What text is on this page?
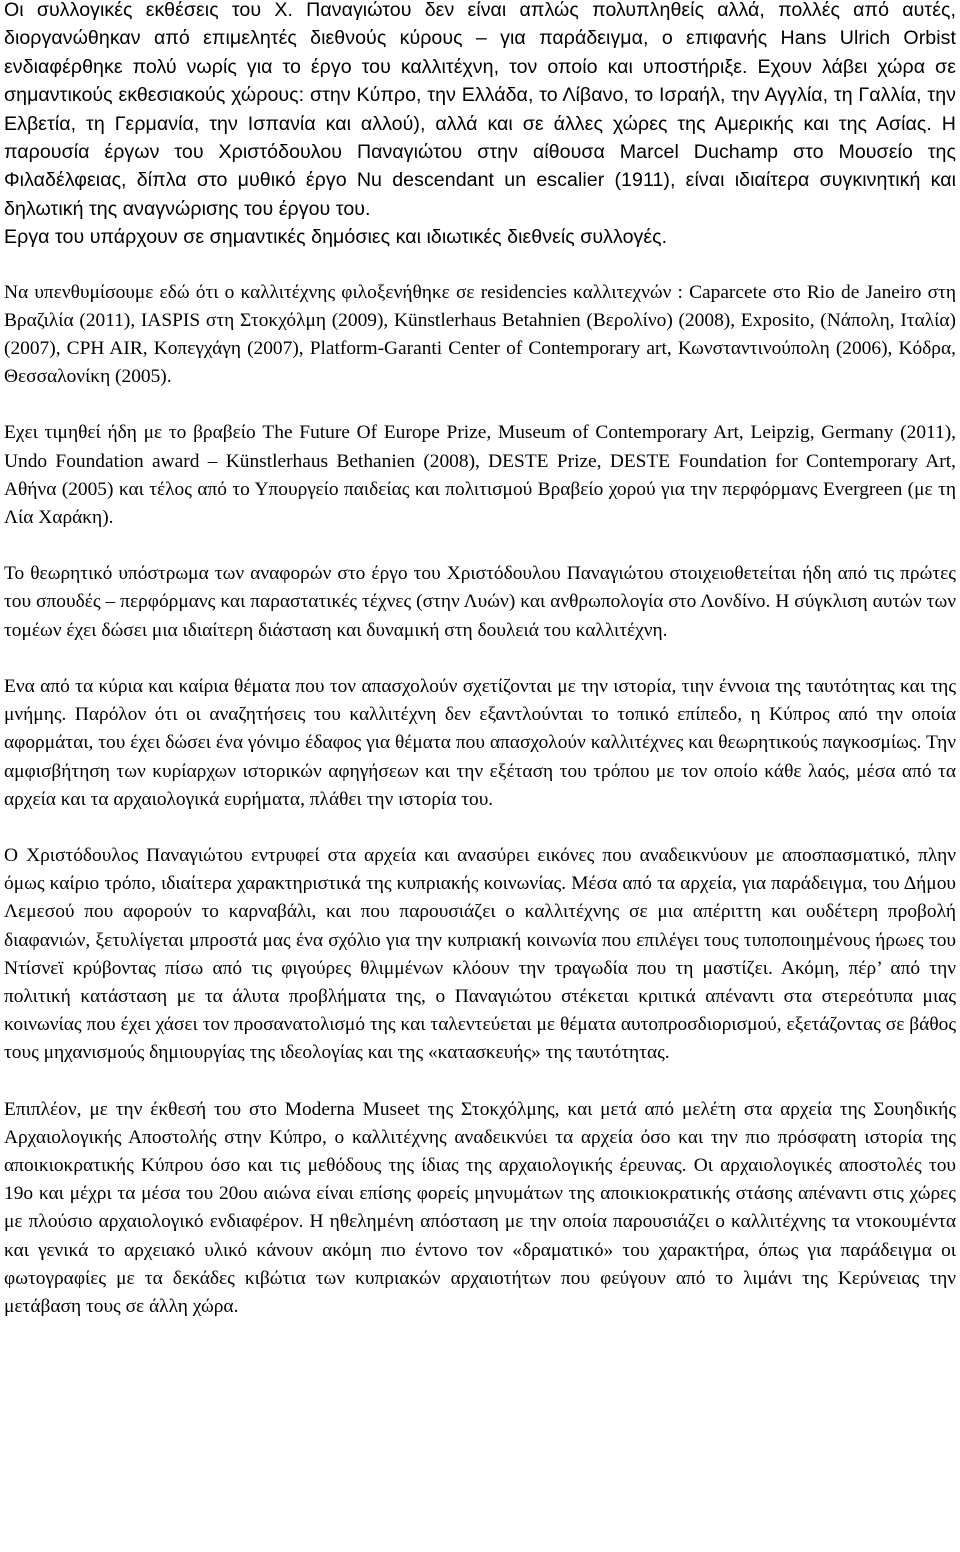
Οι συλλογικές εκθέσεις του Χ. Παναγιώτου δεν είναι απλώς πολυπληθείς αλλά, πολλές από αυτές, διοργανώθηκαν από επιμελητές διεθνούς κύρους – για παράδειγμα, ο επιφανής Hans Ulrich Orbist ενδιαφέρθηκε πολύ νωρίς για το έργο του καλλιτέχνη, τον οποίο και υποστήριξε. Εχουν λάβει χώρα σε σημαντικούς εκθεσιακούς χώρους: στην Κύπρο, την Ελλάδα, το Λίβανο, το Ισραήλ, την Αγγλία, τη Γαλλία, την Ελβετία, τη Γερμανία, την Ισπανία και αλλού), αλλά και σε άλλες χώρες της Αμερικής και της Ασίας. Η παρουσία έργων του Χριστόδουλου Παναγιώτου στην αίθουσα Marcel Duchamp στο Μουσείο της Φιλαδέλφειας, δίπλα στο μυθικό έργο Nu descendant un escalier (1911), είναι ιδιαίτερα συγκινητική και δηλωτική της αναγνώρισης του έργου του.
Εργα του υπάρχουν σε σημαντικές δημόσιες και ιδιωτικές διεθνείς συλλογές.

Να υπενθυμίσουμε εδώ ότι ο καλλιτέχνης φιλοξενήθηκε σε residencies καλλιτεχνών : Caparcete στο Rio de Janeiro στη Βραζιλία (2011), IASPIS στη Στοκχόλμη (2009), Künstlerhaus Betahnien (Βερολίνο) (2008), Exposito, (Νάπολη, Ιταλία) (2007), CPH AIR, Κοπεγχάγη (2007), Platform-Garanti Center of Contemporary art, Κωνσταντινούπολη (2006), Κόδρα, Θεσσαλονίκη (2005).

Εχει τιμηθεί ήδη με το βραβείο The Future Of Europe Prize, Museum of Contemporary Art, Leipzig, Germany (2011), Undo Foundation award – Künstlerhaus Bethanien (2008), DESTE Prize, DESTE Foundation for Contemporary Art, Αθήνα (2005) και τέλος από το Υπουργείο παιδείας και πολιτισμού Βραβείο χορού για την περφόρμανς Evergreen (με τη Λία Χαράκη).

Το θεωρητικό υπόστρωμα των αναφορών στο έργο του Χριστόδουλου Παναγιώτου στοιχειοθετείται ήδη από τις πρώτες του σπουδές – περφόρμανς και παραστατικές τέχνες (στην Λυών) και ανθρωπολογία στο Λονδίνο. Η σύγκλιση αυτών των τομέων έχει δώσει μια ιδιαίτερη διάσταση και δυναμική στη δουλειά του καλλιτέχνη.

Ενα από τα κύρια και καίρια θέματα που τον απασχολούν σχετίζονται με την ιστορία, τιην έννοια της ταυτότητας και της μνήμης. Παρόλον ότι οι αναζητήσεις του καλλιτέχνη δεν εξαντλούνται το τοπικό επίπεδο, η Κύπρος από την οποία αφορμάται, του έχει δώσει ένα γόνιμο έδαφος για θέματα που απασχολούν καλλιτέχνες και θεωρητικούς παγκοσμίως. Την αμφισβήτηση των κυρίαρχων ιστορικών αφηγήσεων και την εξέταση του τρόπου με τον οποίο κάθε λαός, μέσα από τα αρχεία και τα αρχαιολογικά ευρήματα, πλάθει την ιστορία του.

Ο Χριστόδουλος Παναγιώτου εντρυφεί στα αρχεία και ανασύρει εικόνες που αναδεικνύουν με αποσπασματικό, πλην όμως καίριο τρόπο, ιδιαίτερα χαρακτηριστικά της κυπριακής κοινωνίας. Μέσα από τα αρχεία, για παράδειγμα, του Δήμου Λεμεσού που αφορούν το καρναβάλι, και που παρουσιάζει ο καλλιτέχνης σε μια απέριττη και ουδέτερη προβολή διαφανιών, ξετυλίγεται μπροστά μας ένα σχόλιο για την κυπριακή κοινωνία που επιλέγει τους τυποποιημένους ήρωες του Ντίσνεϊ κρύβοντας πίσω από τις φιγούρες θλιμμένων κλόουν την τραγωδία που τη μαστίζει. Ακόμη, πέρ’ από την πολιτική κατάσταση με τα άλυτα προβλήματα της, ο Παναγιώτου στέκεται κριτικά απέναντι στα στερεότυπα μιας κοινωνίας που έχει χάσει τον προσανατολισμό της και ταλεντεύεται με θέματα αυτοπροσδιορισμού, εξετάζοντας σε βάθος τους μηχανισμούς δημιουργίας της ιδεολογίας και της «κατασκευής» της ταυτότητας.

Επιπλέον, με την έκθεσή του στο Moderna Museet της Στοκχόλμης, και μετά από μελέτη στα αρχεία της Σουηδικής Αρχαιολογικής Αποστολής στην Κύπρο, ο καλλιτέχνης αναδεικνύει τα αρχεία όσο και την πιο πρόσφατη ιστορία της αποικιοκρατικής Κύπρου όσο και τις μεθόδους της ίδιας της αρχαιολογικής έρευνας. Οι αρχαιολογικές αποστολές του 19ο και μέχρι τα μέσα του 20ου αιώνα είναι επίσης φορείς μηνυμάτων της αποικιοκρατικής στάσης απέναντι στις χώρες με πλούσιο αρχαιολογικό ενδιαφέρον. Η ηθελημένη απόσταση με την οποία παρουσιάζει ο καλλιτέχνης τα ντοκουμέντα και γενικά το αρχειακό υλικό κάνουν ακόμη πιο έντονο τον «δραματικό» του χαρακτήρα, όπως για παράδειγμα οι φωτογραφίες με τα δεκάδες κιβώτια των κυπριακών αρχαιοτήτων που φεύγουν από το λιμάνι της Κερύνειας την μετάβαση τους σε άλλη χώρα.
